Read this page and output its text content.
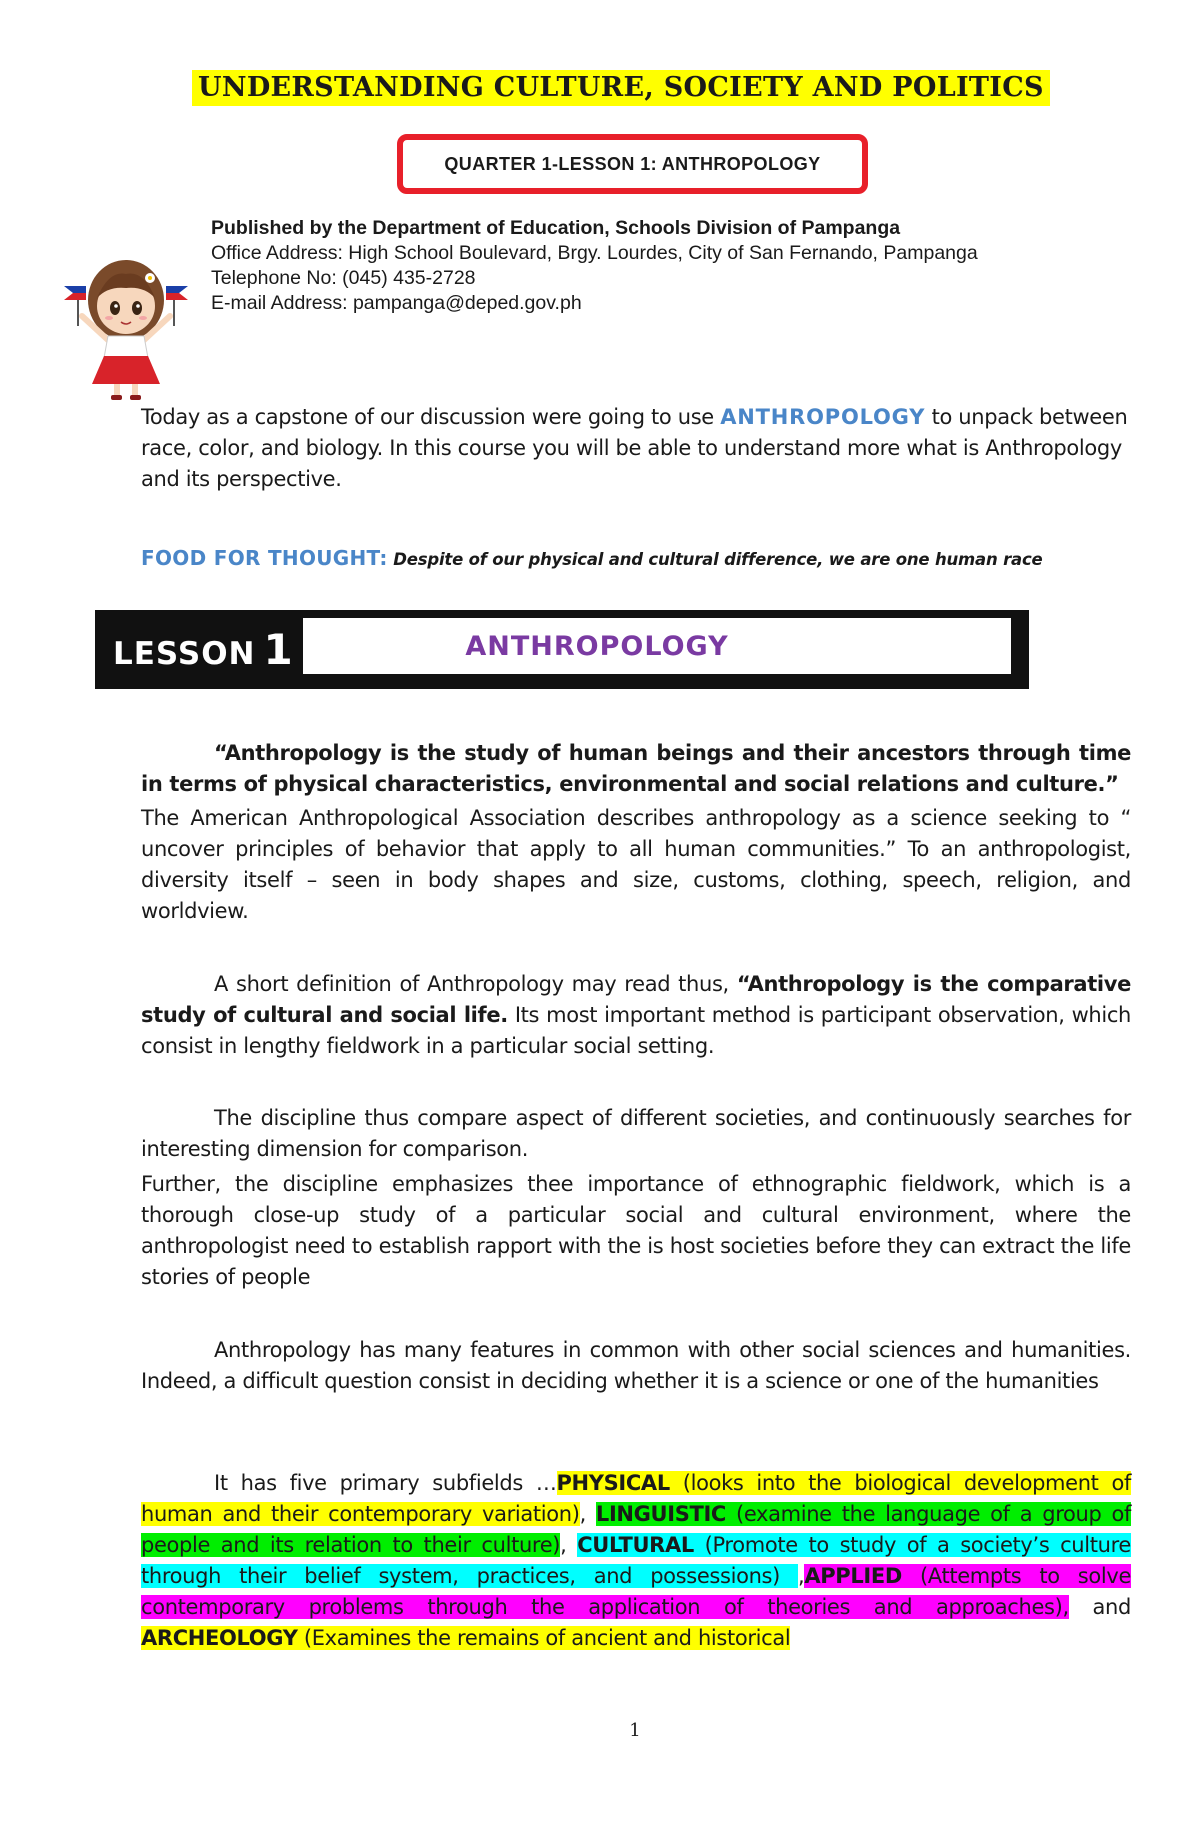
UNDERSTANDING CULTURE, SOCIETY AND POLITICS
QUARTER 1-LESSON 1: ANTHROPOLOGY
Published by the Department of Education, Schools Division of Pampanga
Office Address: High School Boulevard, Brgy. Lourdes, City of San Fernando, Pampanga
Telephone No: (045) 435-2728
E-mail Address: pampanga@deped.gov.ph
Today as a capstone of our discussion were going to use ANTHROPOLOGY to unpack between race, color, and biology. In this course you will be able to understand more what is Anthropology and its perspective.
FOOD FOR THOUGHT: Despite of our physical and cultural difference, we are one human race
LESSON 1	ANTHROPOLOGY
“Anthropology is the study of human beings and their ancestors through time in terms of physical characteristics, environmental and social relations and culture.”
The American Anthropological Association describes anthropology as a science seeking to “ uncover principles of behavior that apply to all human communities.” To an anthropologist, diversity itself – seen in body shapes and size, customs, clothing, speech, religion, and worldview.
A short definition of Anthropology may read thus, “Anthropology is the comparative study of cultural and social life. Its most important method is participant observation, which consist in lengthy fieldwork in a particular social setting.
The discipline thus compare aspect of different societies, and continuously searches for interesting dimension for comparison.
Further, the discipline emphasizes thee importance of ethnographic fieldwork, which is a thorough close-up study of a particular social and cultural environment, where the anthropologist need to establish rapport with the is host societies before they can extract the life stories of people
Anthropology has many features in common with other social sciences and humanities. Indeed, a difficult question consist in deciding whether it is a science or one of the humanities
It has five primary subfields …PHYSICAL (looks into the biological development of human and their contemporary variation), LINGUISTIC (examine the language of a group of people and its relation to their culture), CULTURAL (Promote to study of a society’s culture through their belief system, practices, and possessions) ,APPLIED (Attempts to solve contemporary problems through the application of theories and approaches), and ARCHEOLOGY (Examines the remains of ancient and historical
1
